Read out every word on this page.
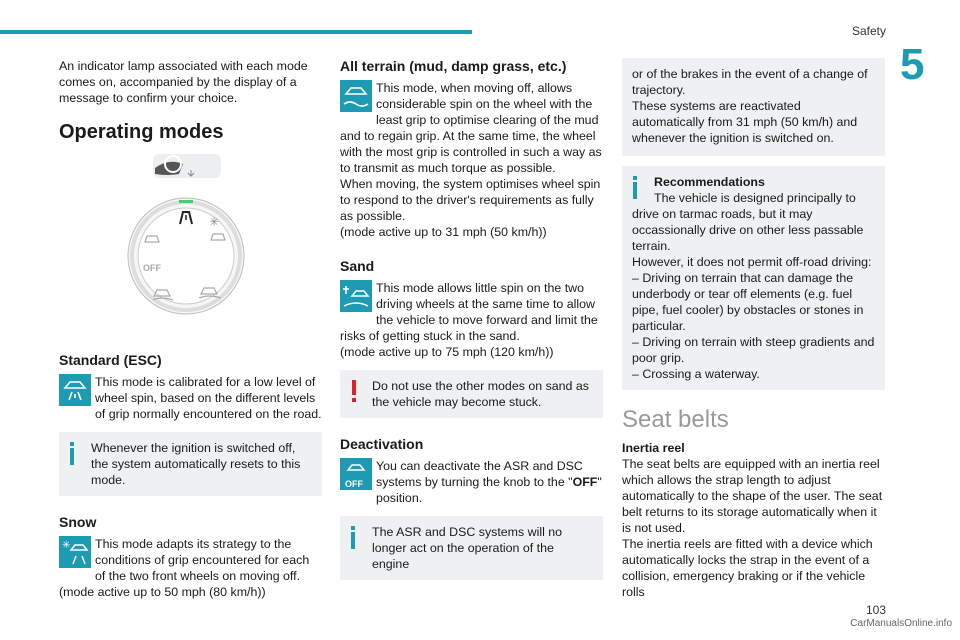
Safety
5

An indicator lamp associated with each mode comes on, accompanied by the display of a message to confirm your choice.

Operating modes
✳
OFF
Standard (ESC)

This mode is calibrated for a low level of wheel spin, based on the different levels of grip normally encountered on the road.

Whenever the ignition is switched off, the system automatically resets to this mode.

Snow
✳	This mode adapts its strategy to the conditions of grip encountered for each of the two front wheels on moving off.

(mode active up to 50 mph (80 km/h))

All terrain (mud, damp grass, etc.)

This mode, when moving off, allows considerable spin on the wheel with the least grip to optimise clearing of the mud and to regain grip. At the same time, the wheel with the most grip is controlled in such a way as to transmit as much torque as possible.

When moving, the system optimises wheel spin to respond to the driver's requirements as fully as possible.

(mode active up to 31 mph (50 km/h))

Sand

This mode allows little spin on the two driving wheels at the same time to allow the vehicle to move forward and limit the risks of getting stuck in the sand.

(mode active up to 75 mph (120 km/h))

Do not use the other modes on sand as the vehicle may become stuck.

Deactivation
OFF

You can deactivate the ASR and DSC systems by turning the knob to the "OFF" position.

The ASR and DSC systems will no longer act on the operation of the engine

or of the brakes in the event of a change of trajectory.

These systems are reactivated automatically from 31 mph (50 km/h) and whenever the ignition is switched on.

Recommendations

The vehicle is designed principally to drive on tarmac roads, but it may occassionally drive on other less passable terrain.

However, it does not permit off-road driving:

– Driving on terrain that can damage the underbody or tear off elements (e.g. fuel pipe, fuel cooler) by obstacles or stones in particular.

– Driving on terrain with steep gradients and poor grip.

– Crossing a waterway.

Seat belts

Inertia reel

The seat belts are equipped with an inertia reel which allows the strap length to adjust automatically to the shape of the user. The seat belt returns to its storage automatically when it is not used.

The inertia reels are fitted with a device which automatically locks the strap in the event of a collision, emergency braking or if the vehicle rolls

103
CarManualsOnline.info
